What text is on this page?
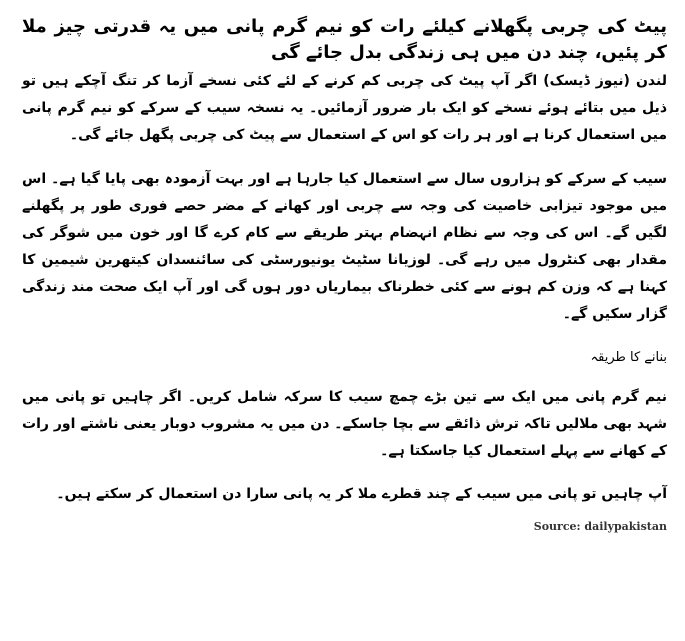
پیٹ کی چربی پگھلانے کیلئے رات کو نیم گرم پانی میں یہ قدرتی چیز ملا کر پئیں، چند دن میں ہی زندگی بدل جائے گی

لندن (نیوز ڈیسک) اگر آپ پیٹ کی چربی کم کرنے کے لئے کئی نسخے آزما کر تنگ آچکے ہیں تو ذیل میں بتائے ہوئے نسخے کو ایک بار ضرور آزمائیں۔ یہ نسخہ سیب کے سرکے کو نیم گرم پانی میں استعمال کرنا ہے اور ہر رات کو اس کے استعمال سے پیٹ کی چربی پگھل جائے گی۔

سیب کے سرکے کو ہزاروں سال سے استعمال کیا جارہا ہے اور بہت آزمودہ بھی پایا گیا ہے۔ اس میں موجود تیزابی خاصیت کی وجہ سے چربی اور کھانے کے مضر حصے فوری طور پر پگھلنے لگیں گے۔ اس کی وجہ سے نظام انہضام بہتر طریقے سے کام کرے گا اور خون میں شوگر کی مقدار بھی کنٹرول میں رہے گی۔ لوزیانا سٹیٹ یونیورسٹی کی سائنسدان کیتھرین شیمین کا کہنا ہے کہ وزن کم ہونے سے کئی خطرناک بیماریاں دور ہوں گی اور آپ ایک صحت مند زندگی گزار سکیں گے۔

بنانے کا طریقہ

نیم گرم پانی میں ایک سے تین بڑے چمچ سیب کا سرکہ شامل کریں۔ اگر چاہیں تو پانی میں شہد بھی ملالیں تاکہ ترش ذائقے سے بچا جاسکے۔ دن میں یہ مشروب دوبار یعنی ناشتے اور رات کے کھانے سے پہلے استعمال کیا جاسکتا ہے۔

آپ چاہیں تو پانی میں سیب کے چند قطرے ملا کر یہ پانی سارا دن استعمال کر سکتے ہیں۔

Source: dailypakistan
